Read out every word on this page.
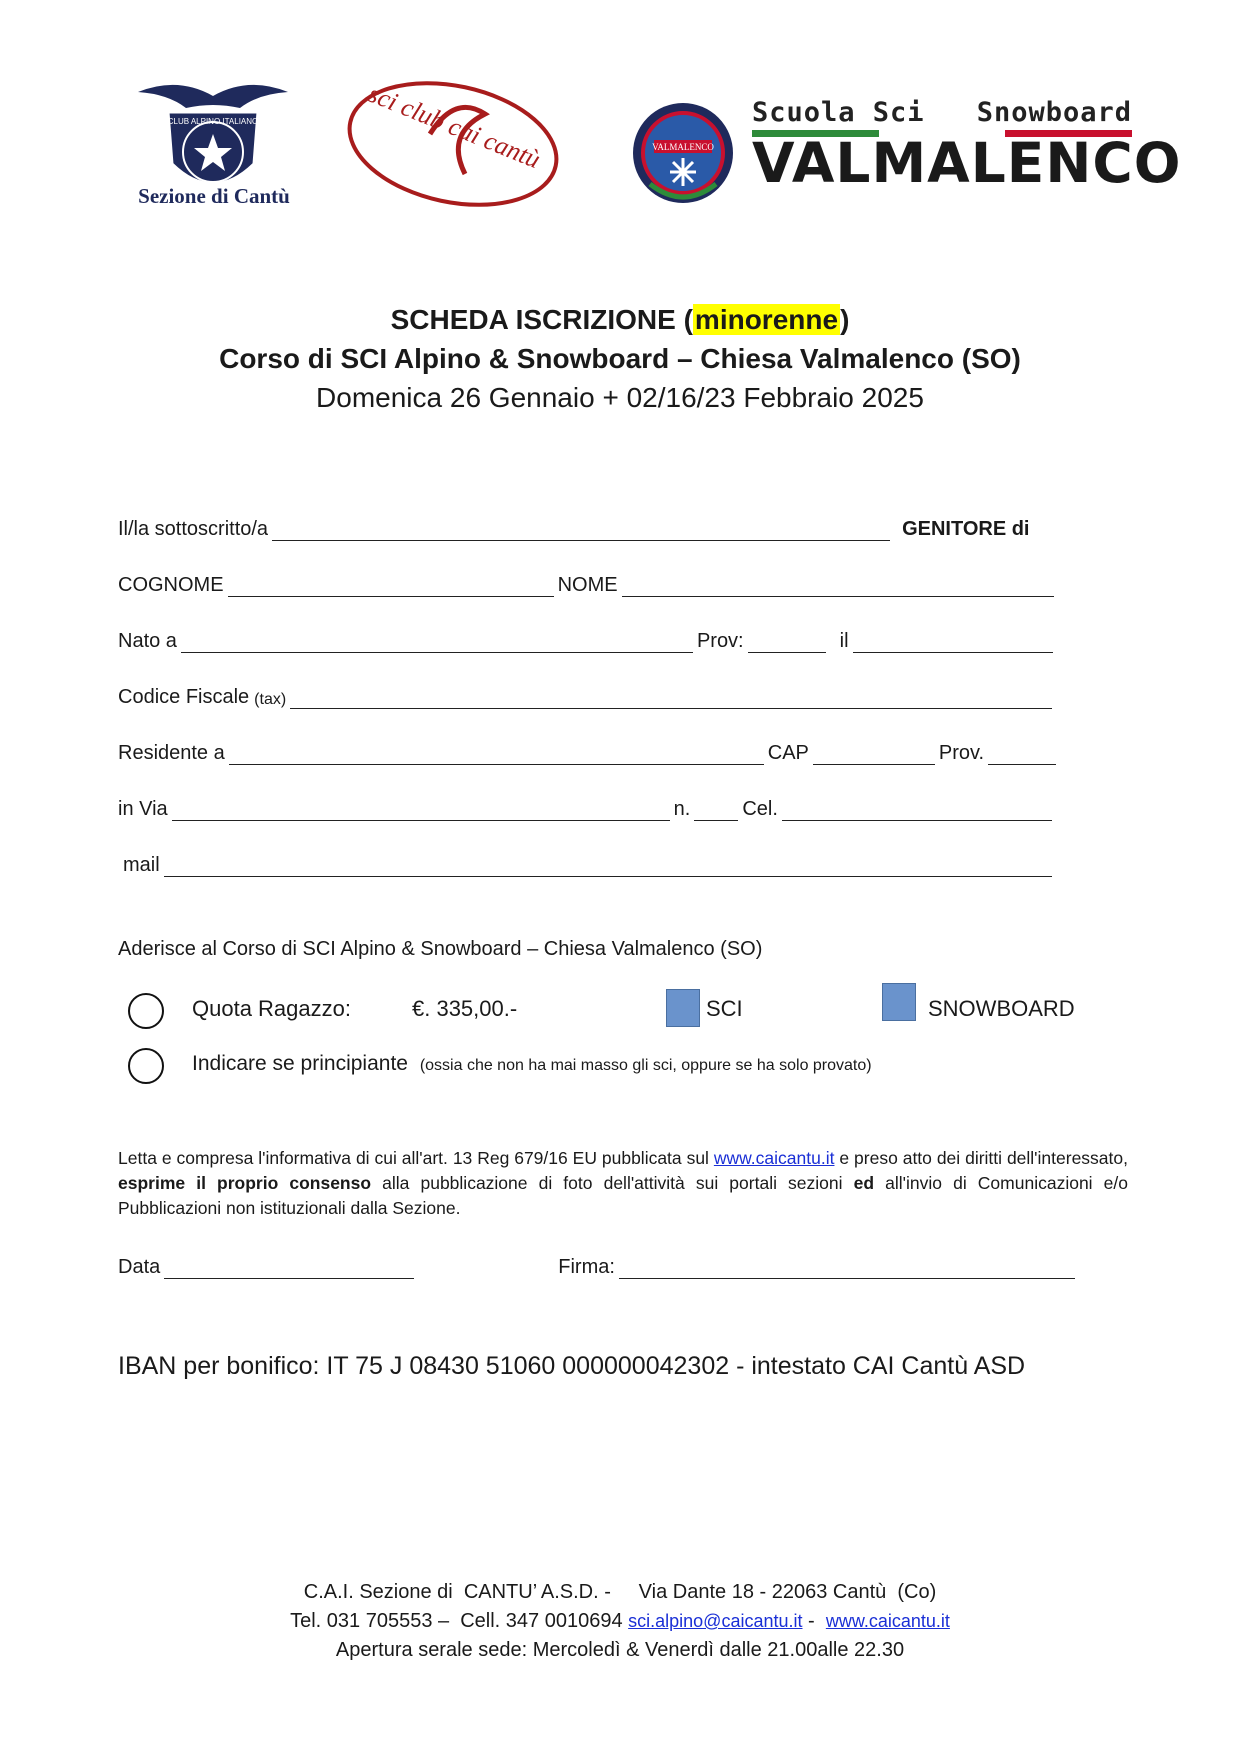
CLUB ALPINO ITALIANO
Sezione di Cantù
sci club cai cantù	VALMALENCO
Scuola Sci Snowboard
VALMALENCO
SCHEDA ISCRIZIONE (minorenne)
Corso di SCI Alpino & Snowboard – Chiesa Valmalenco (SO)
Domenica 26 Gennaio + 02/16/23 Febbraio 2025
Il/la sottoscritto/a	GENITORE di
COGNOME	NOME
Nato a	Prov:	il
Codice Fiscale (tax)
Residente a	CAP	Prov.
in Via	n.	Cel.
mail
Aderisce al Corso di SCI Alpino & Snowboard – Chiesa Valmalenco (SO)
Quota Ragazzo:	€. 335,00.-	SCI	SNOWBOARD
Indicare se principiante (ossia che non ha mai masso gli sci, oppure se ha solo provato)
Letta e compresa l'informativa di cui all'art. 13 Reg 679/16 EU pubblicata sul www.caicantu.it e preso atto dei diritti dell'interessato, esprime il proprio consenso alla pubblicazione di foto dell'attività sui portali sezioni ed all'invio di Comunicazioni e/o Pubblicazioni non istituzionali dalla Sezione.
Data	Firma:
IBAN per bonifico: IT 75 J 08430 51060 000000042302 - intestato CAI Cantù ASD
C.A.I. Sezione di  CANTU’ A.S.D. -     Via Dante 18 - 22063 Cantù  (Co)
Tel. 031 705553 –  Cell. 347 0010694 sci.alpino@caicantu.it -  www.caicantu.it
Apertura serale sede: Mercoledì & Venerdì dalle 21.00alle 22.30
